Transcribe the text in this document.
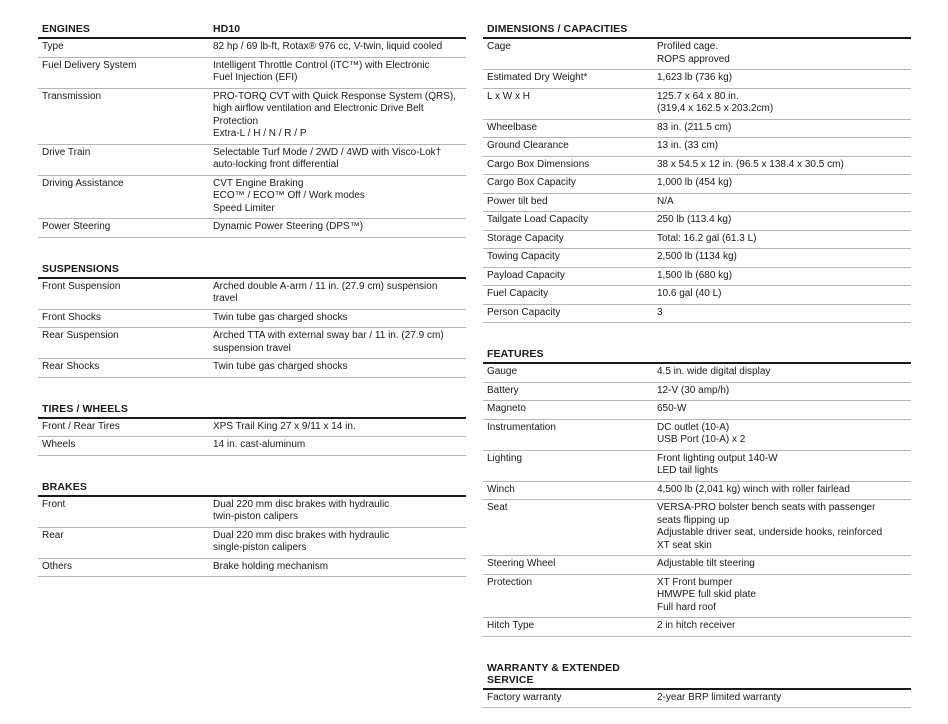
ENGINES	HD10
Type	82 hp / 69 lb-ft, Rotax® 976 cc, V-twin, liquid cooled
Fuel Delivery System	Intelligent Throttle Control (iTC™) with Electronic
Fuel Injection (EFI)
Transmission	PRO-TORQ CVT with Quick Response System (QRS),
high airflow ventilation and Electronic Drive Belt
Protection
Extra-L / H / N / R / P
Drive Train	Selectable Turf Mode / 2WD / 4WD with Visco-Lok†
auto-locking front differential
Driving Assistance	CVT Engine Braking
ECO™ / ECO™ Off / Work modes
Speed Limiter
Power Steering	Dynamic Power Steering (DPS™)
SUSPENSIONS
Front Suspension	Arched double A-arm / 11 in. (27.9 cm) suspension
travel
Front Shocks	Twin tube gas charged shocks
Rear Suspension	Arched TTA with external sway bar / 11 in. (27.9 cm)
suspension travel
Rear Shocks	Twin tube gas charged shocks
TIRES / WHEELS
Front / Rear Tires	XPS Trail King 27 x 9/11 x 14 in.
Wheels	14 in. cast-aluminum
BRAKES
Front	Dual 220 mm disc brakes with hydraulic
twin-piston calipers
Rear	Dual 220 mm disc brakes with hydraulic
single-piston calipers
Others	Brake holding mechanism
DIMENSIONS / CAPACITIES
Cage	Profiled cage.
ROPS approved
Estimated Dry Weight*	1,623 lb (736 kg)
L x W x H	125.7 x 64 x 80 in.
(319,4 x 162.5 x 203.2cm)
Wheelbase	83 in. (211.5 cm)
Ground Clearance	13 in. (33 cm)
Cargo Box Dimensions	38 x 54.5 x 12 in. (96.5 x 138.4 x 30.5 cm)
Cargo Box Capacity	1,000 lb (454 kg)
Power tilt bed	N/A
Tailgate Load Capacity	250 lb (113.4 kg)
Storage Capacity	Total: 16.2 gal (61.3 L)
Towing Capacity	2,500 lb (1134 kg)
Payload Capacity	1,500 lb (680 kg)
Fuel Capacity	10.6 gal (40 L)
Person Capacity	3
FEATURES
Gauge	4.5 in. wide digital display
Battery	12-V (30 amp/h)
Magneto	650-W
Instrumentation	DC outlet (10-A)
USB Port (10-A) x 2
Lighting	Front lighting output 140-W
LED tail lights
Winch	4,500 lb (2,041 kg) winch with roller fairlead
Seat	VERSA-PRO bolster bench seats with passenger
seats flipping up
Adjustable driver seat, underside hooks, reinforced
XT seat skin
Steering Wheel	Adjustable tilt steering
Protection	XT Front bumper
HMWPE full skid plate
Full hard roof
Hitch Type	2 in hitch receiver
WARRANTY & EXTENDED SERVICE
Factory warranty	2-year BRP limited warranty
